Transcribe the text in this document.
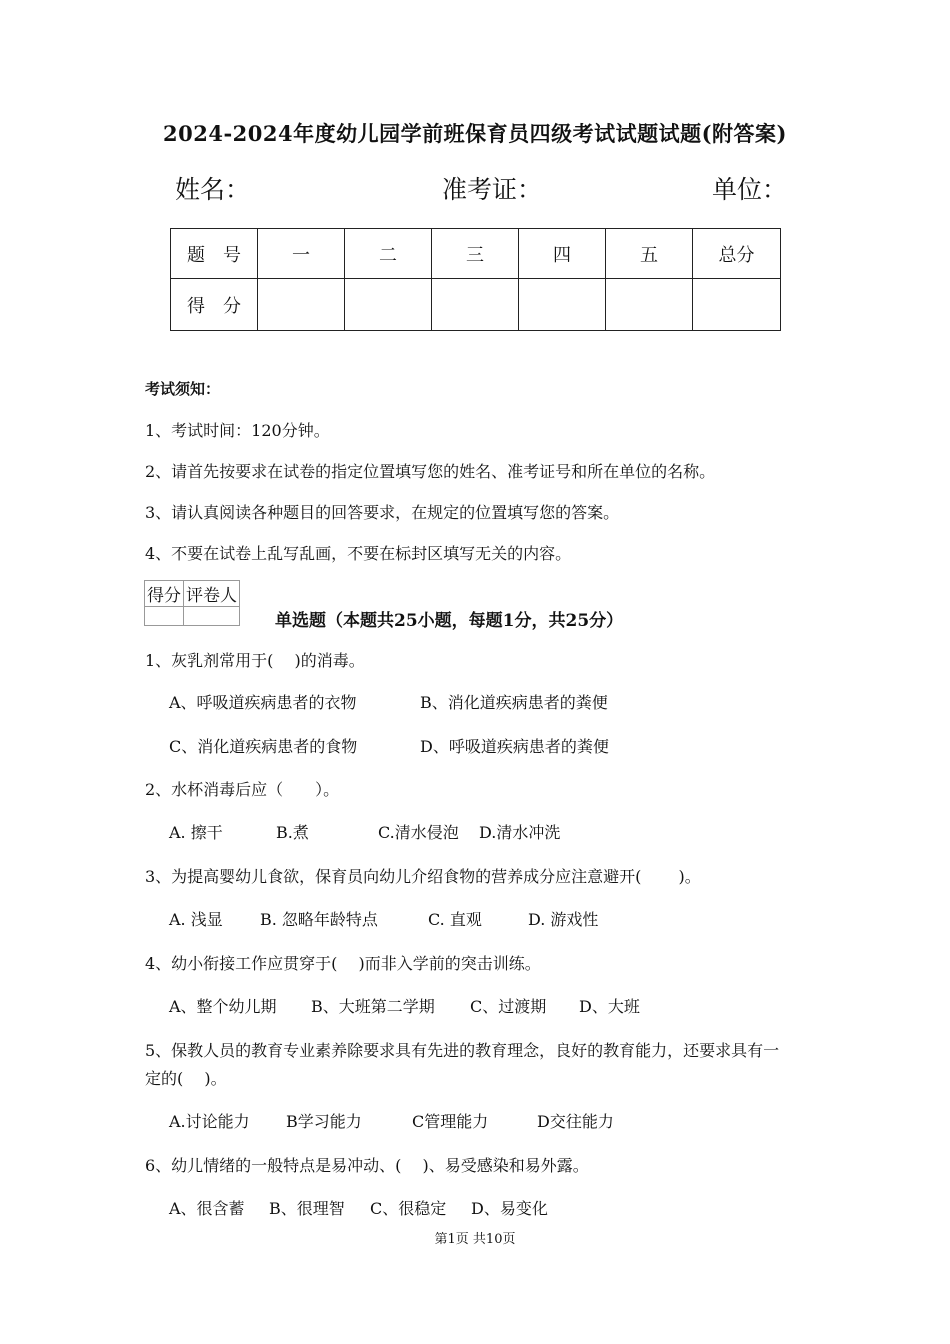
2024-2024年度幼儿园学前班保育员四级考试试题试题(附答案)
姓名：	准考证：	单位：
题　号	一	二	三	四	五	总分
得　分						
考试须知：
1、考试时间：120分钟。
2、请首先按要求在试卷的指定位置填写您的姓名、准考证号和所在单位的名称。
3、请认真阅读各种题目的回答要求，在规定的位置填写您的答案。
4、不要在试卷上乱写乱画，不要在标封区填写无关的内容。
得分	评卷人

单选题（本题共25小题，每题1分，共25分）
1、灰乳剂常用于(　 )的消毒。
A、呼吸道疾病患者的衣物	B、消化道疾病患者的粪便
C、消化道疾病患者的食物	D、呼吸道疾病患者的粪便
2、水杯消毒后应（　　）。
A. 擦干	B.煮	C.清水侵泡 D.清水冲洗
3、为提高婴幼儿食欲，保育员向幼儿介绍食物的营养成分应注意避开(　　 )。
A. 浅显 B. 忽略年龄特点	C. 直观	D. 游戏性
4、幼小衔接工作应贯穿于(　 )而非入学前的突击训练。
A、整个幼儿期 B、大班第二学期 C、过渡期 D、大班
5、保教人员的教育专业素养除要求具有先进的教育理念，良好的教育能力，还要求具有一
定的(　 )。
A.讨论能力 B学习能力	C管理能力	D交往能力
6、幼儿情绪的一般特点是易冲动、(　 )、易受感染和易外露。
A、很含蓄 B、很理智 C、很稳定 D、易变化
第1页 共10页
